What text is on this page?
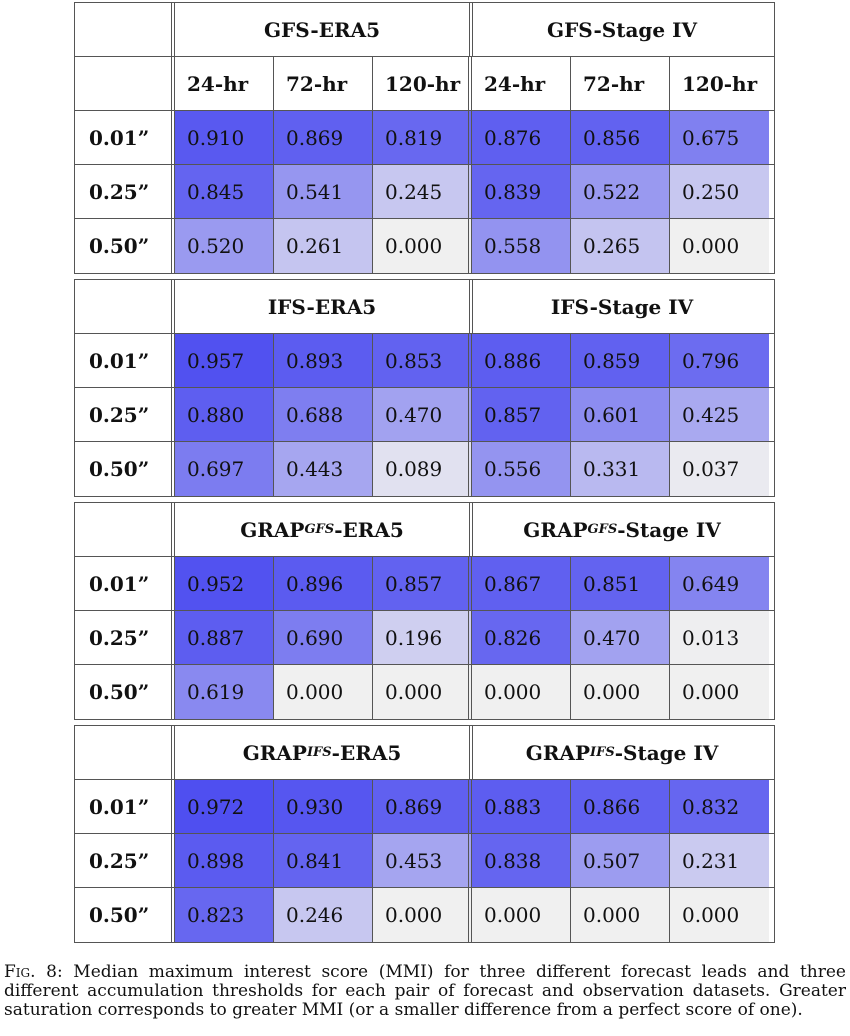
GFS-ERA5	GFS-Stage IV
24-hr	72-hr	120-hr	24-hr	72-hr	120-hr
0.01”	0.910	0.869	0.819	0.876	0.856	0.675
0.25”	0.845	0.541	0.245	0.839	0.522	0.250
0.50”	0.520	0.261	0.000	0.558	0.265	0.000
IFS-ERA5	IFS-Stage IV
0.01”	0.957	0.893	0.853	0.886	0.859	0.796
0.25”	0.880	0.688	0.470	0.857	0.601	0.425
0.50”	0.697	0.443	0.089	0.556	0.331	0.037
GRAP GFS -ERA5	GRAP GFS -Stage IV
0.01”	0.952	0.896	0.857	0.867	0.851	0.649
0.25”	0.887	0.690	0.196	0.826	0.470	0.013
0.50”	0.619	0.000	0.000	0.000	0.000	0.000
GRAP IFS -ERA5	GRAP IFS -Stage IV
0.01”	0.972	0.930	0.869	0.883	0.866	0.832
0.25”	0.898	0.841	0.453	0.838	0.507	0.231
0.50”	0.823	0.246	0.000	0.000	0.000	0.000
Fig. 8: Median maximum interest score (MMI) for three different forecast leads and three different accumulation thresholds for each pair of forecast and observation datasets. Greater saturation corresponds to greater MMI (or a smaller difference from a perfect score of one).
